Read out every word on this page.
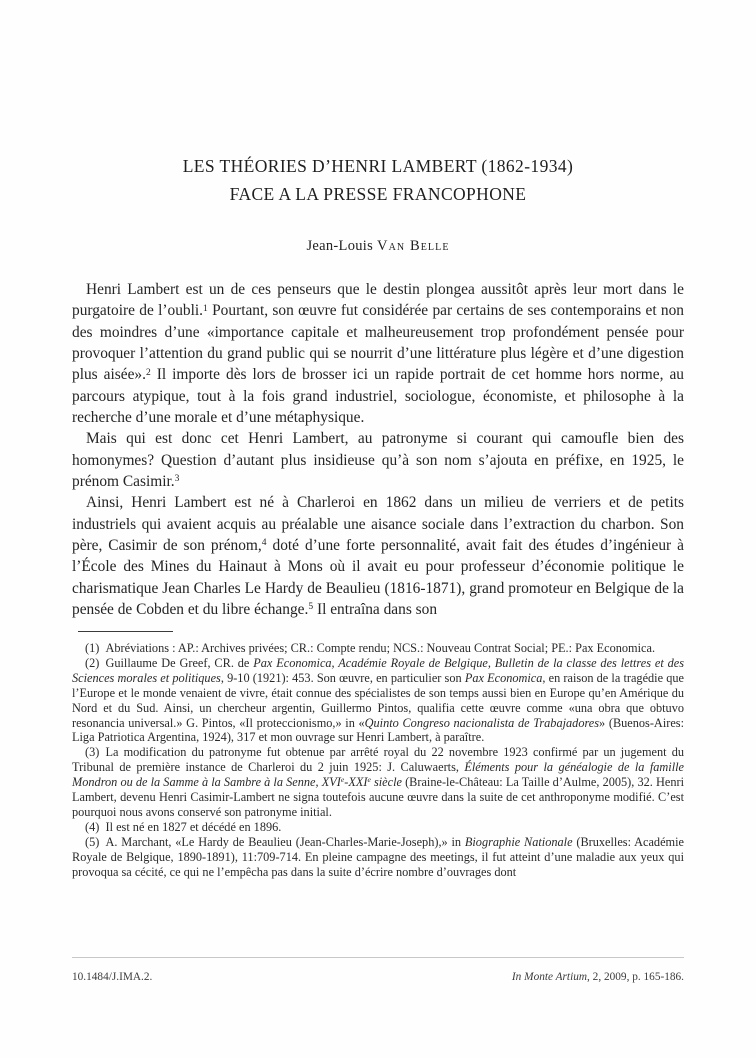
LES THÉORIES D’HENRI LAMBERT (1862-1934)
FACE A LA PRESSE FRANCOPHONE
Jean-Louis Van Belle

Henri Lambert est un de ces penseurs que le destin plongea aussitôt après leur mort dans le purgatoire de l’oubli.$^1$ Pourtant, son œuvre fut considérée par certains de ses contemporains et non des moindres d’une «importance capitale et malheureusement trop profondément pensée pour provoquer l’attention du grand public qui se nourrit d’une littérature plus légère et d’une digestion plus aisée».$^2$ Il importe dès lors de brosser ici un rapide portrait de cet homme hors norme, au parcours atypique, tout à la fois grand industriel, sociologue, économiste, et philosophe à la recherche d’une morale et d’une métaphysique.

Mais qui est donc cet Henri Lambert, au patronyme si courant qui camoufle bien des homonymes? Question d’autant plus insidieuse qu’à son nom s’ajouta en préfixe, en 1925, le prénom Casimir.$^3$

Ainsi, Henri Lambert est né à Charleroi en 1862 dans un milieu de verriers et de petits industriels qui avaient acquis au préalable une aisance sociale dans l’extraction du charbon. Son père, Casimir de son prénom,$^4$ doté d’une forte personnalité, avait fait des études d’ingénieur à l’École des Mines du Hainaut à Mons où il avait eu pour professeur d’économie politique le charismatique Jean Charles Le Hardy de Beaulieu (1816-1871), grand promoteur en Belgique de la pensée de Cobden et du libre échange.$^5$ Il entraîna dans son

(1) Abréviations : AP.: Archives privées; CR.: Compte rendu; NCS.: Nouveau Contrat Social; PE.: Pax Economica.

(2) Guillaume De Greef, CR. de Pax Economica, Académie Royale de Belgique, Bulletin de la classe des lettres et des Sciences morales et politiques, 9-10 (1921): 453. Son œuvre, en particulier son Pax Economica, en raison de la tragédie que l’Europe et le monde venaient de vivre, était connue des spécialistes de son temps aussi bien en Europe qu’en Amérique du Nord et du Sud. Ainsi, un chercheur argentin, Guillermo Pintos, qualifia cette œuvre comme «una obra que obtuvo resonancia universal.» G. Pintos, «Il proteccionismo,» in «Quinto Congreso nacionalista de Trabajadores» (Buenos-Aires: Liga Patriotica Argentina, 1924), 317 et mon ouvrage sur Henri Lambert, à paraître.

(3) La modification du patronyme fut obtenue par arrêté royal du 22 novembre 1923 confirmé par un jugement du Tribunal de première instance de Charleroi du 2 juin 1925: J. Caluwaerts, Éléments pour la généalogie de la famille Mondron ou de la Samme à la Sambre à la Senne, XVIe-XXIe siècle (Braine-le-Château: La Taille d’Aulme, 2005), 32. Henri Lambert, devenu Henri Casimir-Lambert ne signa toutefois aucune œuvre dans la suite de cet anthroponyme modifié. C’est pourquoi nous avons conservé son patronyme initial.

(4) Il est né en 1827 et décédé en 1896.

(5) A. Marchant, «Le Hardy de Beaulieu (Jean-Charles-Marie-Joseph),» in Biographie Nationale (Bruxelles: Académie Royale de Belgique, 1890-1891), 11:709-714. En pleine campagne des meetings, il fut atteint d’une maladie aux yeux qui provoqua sa cécité, ce qui ne l’empêcha pas dans la suite d’écrire nombre d’ouvrages dont

10.1484/J.IMA.2.	In Monte Artium, 2, 2009, p. 165-186.
